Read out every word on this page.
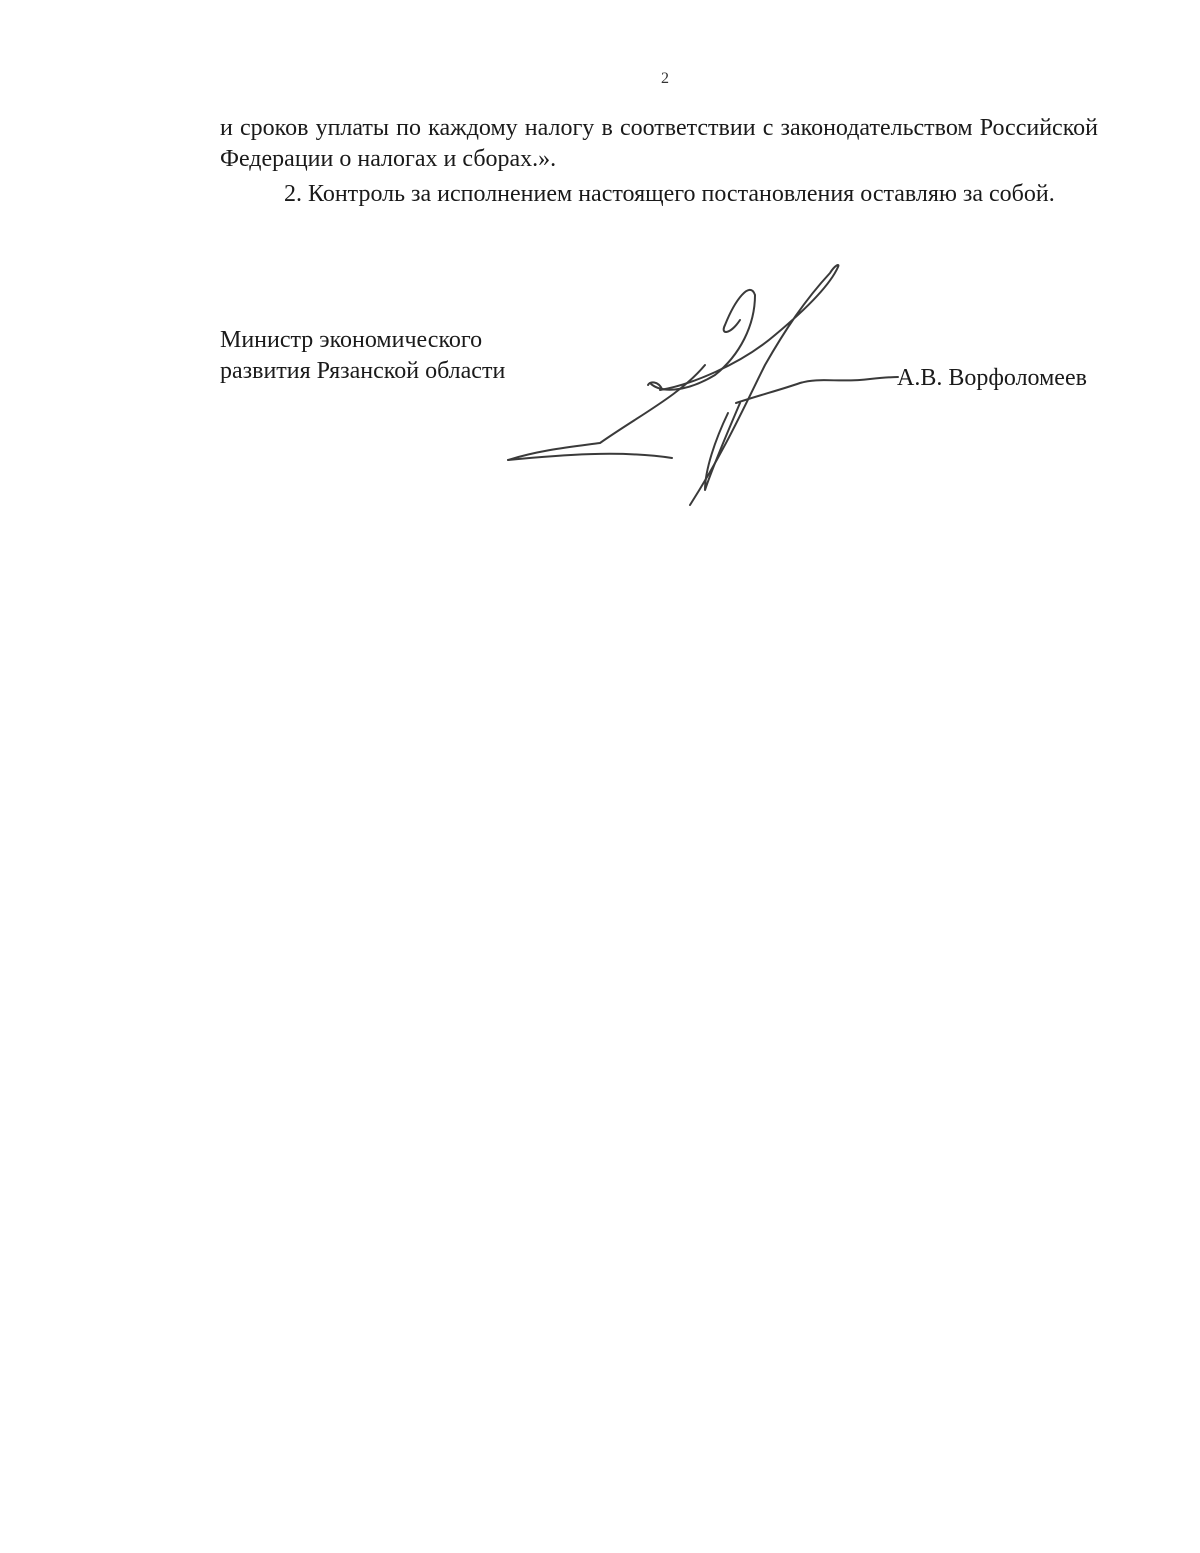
2

и сроков уплаты по каждому налогу в соответствии с законодательством Российской Федерации о налогах и сборах.».

2. Контроль за исполнением настоящего постановления оставляю за собой.

Министр экономического
развития Рязанской области	А.В. Ворфоломеев
